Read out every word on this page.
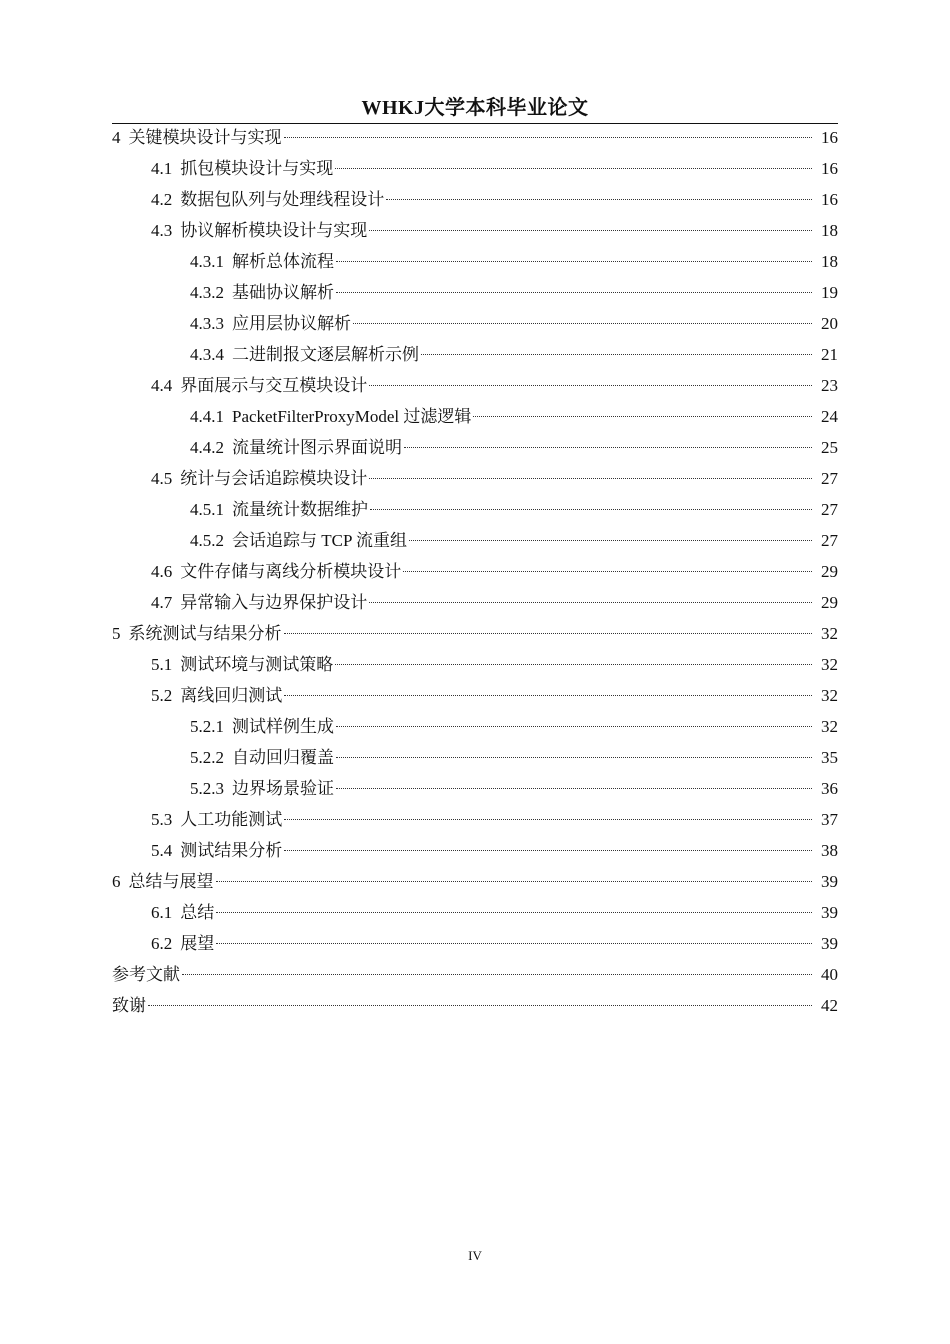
WHKJ大学本科毕业论文
4 关键模块设计与实现	16
4.1 抓包模块设计与实现	16
4.2 数据包队列与处理线程设计	16
4.3 协议解析模块设计与实现	18
4.3.1 解析总体流程	18
4.3.2 基础协议解析	19
4.3.3 应用层协议解析	20
4.3.4 二进制报文逐层解析示例	21
4.4 界面展示与交互模块设计	23
4.4.1 PacketFilterProxyModel 过滤逻辑	24
4.4.2 流量统计图示界面说明	25
4.5 统计与会话追踪模块设计	27
4.5.1 流量统计数据维护	27
4.5.2 会话追踪与 TCP 流重组	27
4.6 文件存储与离线分析模块设计	29
4.7 异常输入与边界保护设计	29
5 系统测试与结果分析	32
5.1 测试环境与测试策略	32
5.2 离线回归测试	32
5.2.1 测试样例生成	32
5.2.2 自动回归覆盖	35
5.2.3 边界场景验证	36
5.3 人工功能测试	37
5.4 测试结果分析	38
6 总结与展望	39
6.1 总结	39
6.2 展望	39
参考文献	40
致谢	42
IV
